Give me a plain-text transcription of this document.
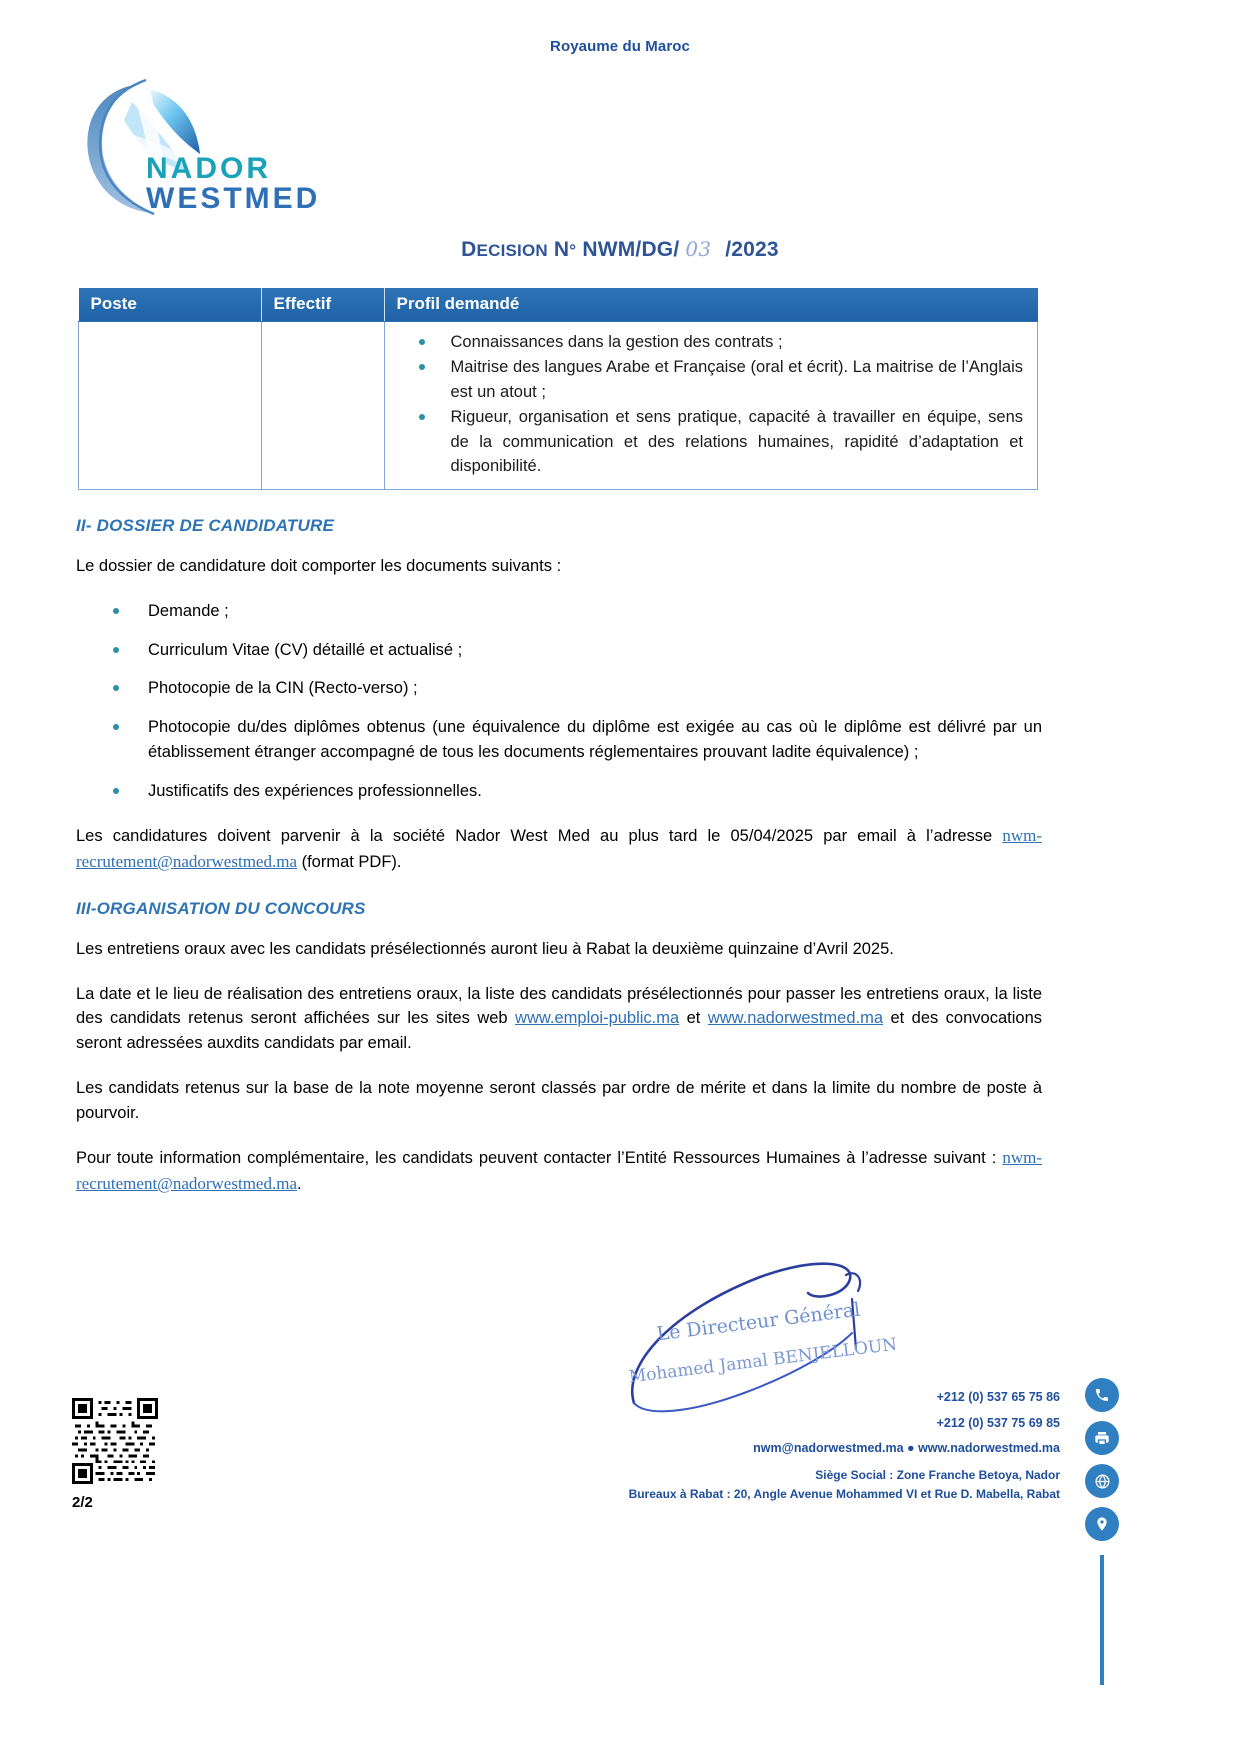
Royaume du Maroc
NADOR
WESTMED
DECISION N° NWM/DG/ 03 /2023
Poste	Effectif	Profil demandé

Connaissances dans la gestion des contrats ;
Maitrise des langues Arabe et Française (oral et écrit). La maitrise de l’Anglais est un atout ;
Rigueur, organisation et sens pratique, capacité à travailler en équipe, sens de la communication et des relations humaines, rapidité d’adaptation et disponibilité.
II- DOSSIER DE CANDIDATURE

Le dossier de candidature doit comporter les documents suivants :

Demande ;
Curriculum Vitae (CV) détaillé et actualisé ;
Photocopie de la CIN (Recto-verso) ;
Photocopie du/des diplômes obtenus (une équivalence du diplôme est exigée au cas où le diplôme est délivré par un établissement étranger accompagné de tous les documents réglementaires prouvant ladite équivalence) ;
Justificatifs des expériences professionnelles.

Les candidatures doivent parvenir à la société Nador West Med au plus tard le 05/04/2025 par email à l’adresse nwm-recrutement@nadorwestmed.ma (format PDF).

III-ORGANISATION DU CONCOURS

Les entretiens oraux avec les candidats présélectionnés auront lieu à Rabat la deuxième quinzaine d’Avril 2025.

La date et le lieu de réalisation des entretiens oraux, la liste des candidats présélectionnés pour passer les entretiens oraux, la liste des candidats retenus seront affichées sur les sites web www.emploi-public.ma et www.nadorwestmed.ma et des convocations seront adressées auxdits candidats par email.

Les candidats retenus sur la base de la note moyenne seront classés par ordre de mérite et dans la limite du nombre de poste à pourvoir.

Pour toute information complémentaire, les candidats peuvent contacter l’Entité Ressources Humaines à l’adresse suivant : nwm-recrutement@nadorwestmed.ma.

Le Directeur Général
Mohamed Jamal BENJELLOUN
2/2
+212 (0) 537 65 75 86
+212 (0) 537 75 69 85
nwm@nadorwestmed.ma ● www.nadorwestmed.ma
Siège Social : Zone Franche Betoya, Nador
Bureaux à Rabat : 20, Angle Avenue Mohammed VI et Rue D. Mabella, Rabat
